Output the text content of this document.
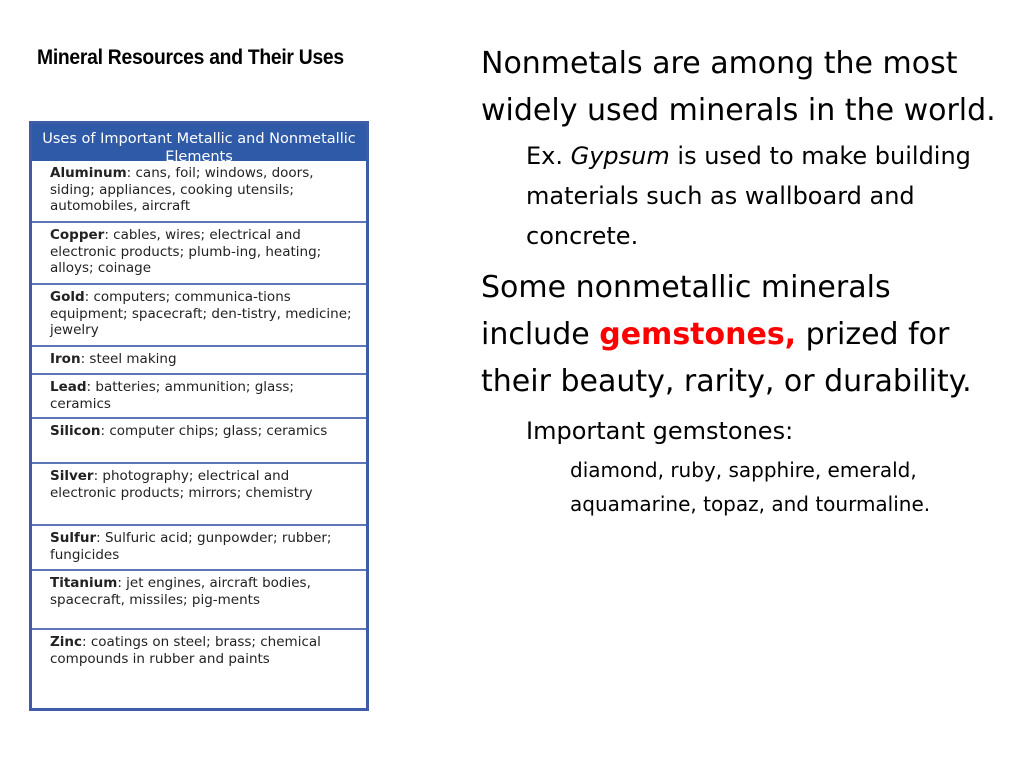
Mineral Resources and Their Uses
Uses of Important Metallic and Nonmetallic Elements
Aluminum: cans, foil; windows, doors, siding; appliances, cooking utensils; automobiles, aircraft
Copper: cables, wires; electrical and electronic products; plumb-ing, heating; alloys; coinage
Gold: computers; communica-tions equipment; spacecraft; den-tistry, medicine; jewelry
Iron: steel making
Lead: batteries; ammunition; glass; ceramics
Silicon: computer chips; glass; ceramics
Silver: photography; electrical and electronic products; mirrors; chemistry
Sulfur: Sulfuric acid; gunpowder; rubber; fungicides
Titanium: jet engines, aircraft bodies, spacecraft, missiles; pig-ments
Zinc: coatings on steel; brass; chemical compounds in rubber and paints

Nonmetals are among the most widely used minerals in the world.

Ex. Gypsum is used to make building materials such as wallboard and concrete.

Some nonmetallic minerals include gemstones, prized for their beauty, rarity, or durability.

Important gemstones:

diamond, ruby, sapphire, emerald, aquamarine, topaz, and tourmaline.
